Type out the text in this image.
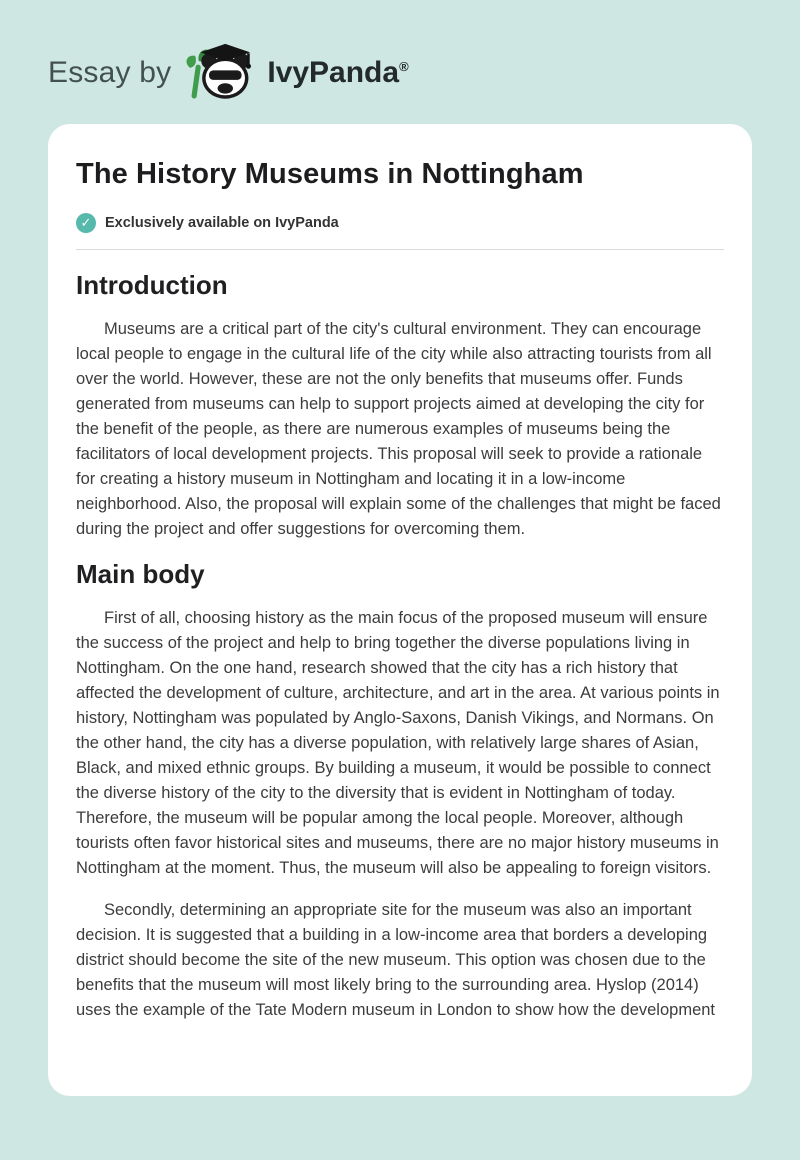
Essay by	IvyPanda ®
The History Museums in Nottingham
✓ Exclusively available on IvyPanda
Introduction

Museums are a critical part of the city's cultural environment. They can encourage local people to engage in the cultural life of the city while also attracting tourists from all over the world. However, these are not the only benefits that museums offer. Funds generated from museums can help to support projects aimed at developing the city for the benefit of the people, as there are numerous examples of museums being the facilitators of local development projects. This proposal will seek to provide a rationale for creating a history museum in Nottingham and locating it in a low-income neighborhood. Also, the proposal will explain some of the challenges that might be faced during the project and offer suggestions for overcoming them.

Main body

First of all, choosing history as the main focus of the proposed museum will ensure the success of the project and help to bring together the diverse populations living in Nottingham. On the one hand, research showed that the city has a rich history that affected the development of culture, architecture, and art in the area. At various points in history, Nottingham was populated by Anglo-Saxons, Danish Vikings, and Normans. On the other hand, the city has a diverse population, with relatively large shares of Asian, Black, and mixed ethnic groups. By building a museum, it would be possible to connect the diverse history of the city to the diversity that is evident in Nottingham of today. Therefore, the museum will be popular among the local people. Moreover, although tourists often favor historical sites and museums, there are no major history museums in Nottingham at the moment. Thus, the museum will also be appealing to foreign visitors.

Secondly, determining an appropriate site for the museum was also an important decision. It is suggested that a building in a low-income area that borders a developing district should become the site of the new museum. This option was chosen due to the benefits that the museum will most likely bring to the surrounding area. Hyslop (2014) uses the example of the Tate Modern museum in London to show how the development
